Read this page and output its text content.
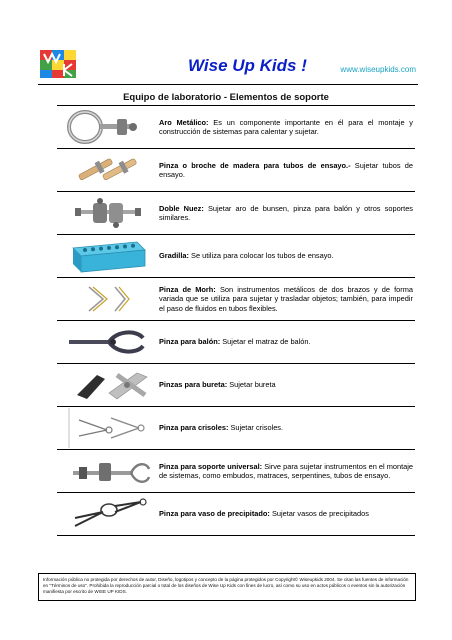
Wise Up Kids !	www.wiseupkids.com
Equipo de laboratorio - Elementos de soporte

Aro Metálico: Es un componente importante en él para el montaje y construcción de sistemas para calentar y sujetar.

Pinza o broche de madera para tubos de ensayo.- Sujetar tubos de ensayo.

Doble Nuez: Sujetar aro de bunsen, pinza para balón y otros soportes similares.

Gradilla: Se utiliza para colocar los tubos de ensayo.

Pinza de Morh: Son instrumentos metálicos de dos brazos y de forma variada que se utiliza para sujetar y trasladar objetos; también, para impedir el paso de fluidos en tubos flexibles.

Pinza para balón: Sujetar el matraz de balón.

Pinzas para bureta: Sujetar bureta

Pinza para crisoles: Sujetar crisoles.

Pinza para soporte universal: Sirve para sujetar instrumentos en el montaje de sistemas, como embudos, matraces, serpentines, tubos de ensayo.

Pinza para vaso de precipitado: Sujetar vasos de precipitados

Información pública no protegida por derechos de autor, Diseño, logotipos y concepto de la página protegidos por Copyright© Wiseupkids 2004. Se citan las fuentes de información en "Términos de uso". Prohibida la reproducción parcial o total de los diseños de Wise Up Kids con fines de lucro, así como su uso en actos públicos o eventos sin la autorización manifiesta por escrito de WISE UP KIDS.
